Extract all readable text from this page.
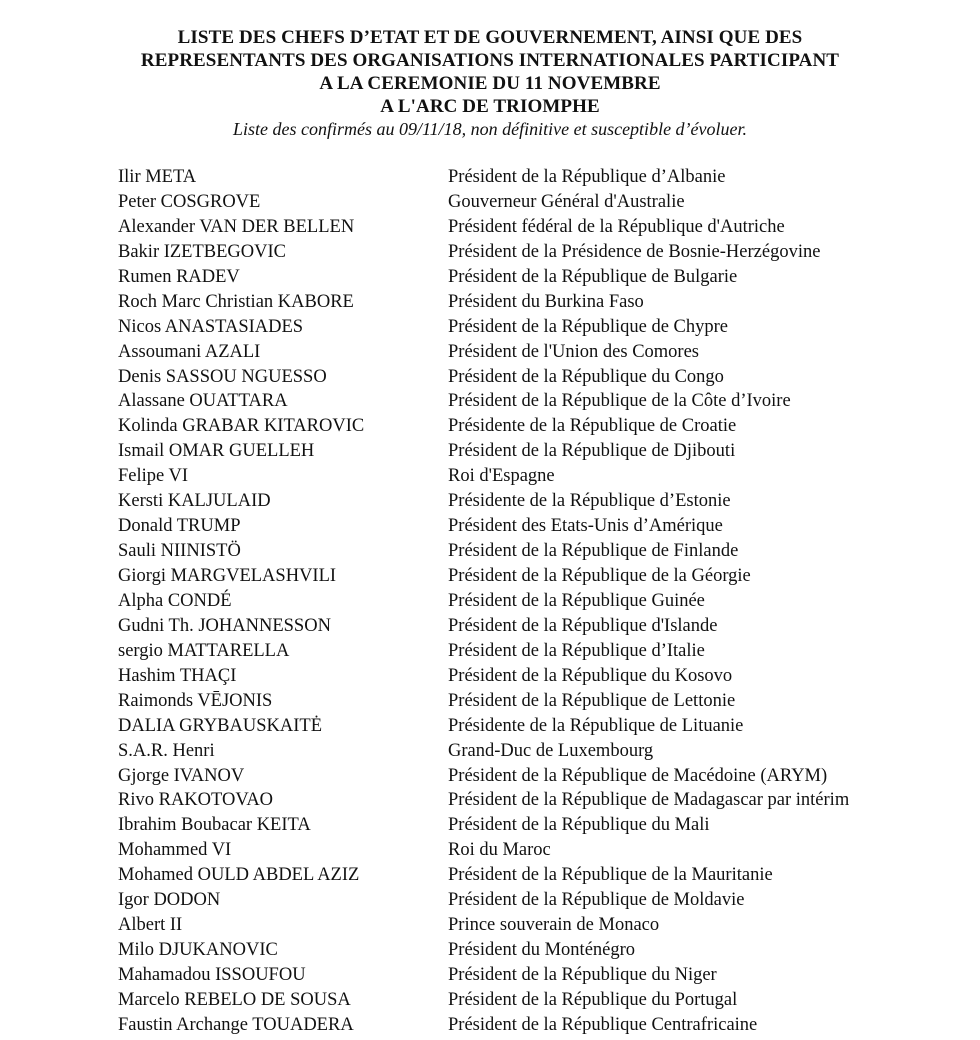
LISTE DES CHEFS D’ETAT ET DE GOUVERNEMENT, AINSI QUE DES
REPRESENTANTS DES ORGANISATIONS INTERNATIONALES PARTICIPANT
A LA CEREMONIE DU 11 NOVEMBRE
A L'ARC DE TRIOMPHE
Liste des confirmés au 09/11/18, non définitive et susceptible d’évoluer.
Ilir META	Président de la République d’Albanie
Peter COSGROVE	Gouverneur Général d'Australie
Alexander VAN DER BELLEN	Président fédéral de la République d'Autriche
Bakir IZETBEGOVIC	Président de la Présidence de Bosnie-Herzégovine
Rumen RADEV	Président de la République de Bulgarie
Roch Marc Christian KABORE	Président du Burkina Faso
Nicos ANASTASIADES	Président de la République de Chypre
Assoumani AZALI	Président de l'Union des Comores
Denis SASSOU NGUESSO	Président de la République du Congo
Alassane OUATTARA	Président de la République de la Côte d’Ivoire
Kolinda GRABAR KITAROVIC	Présidente de la République de Croatie
Ismail OMAR GUELLEH	Président de la République de Djibouti
Felipe VI	Roi d'Espagne
Kersti KALJULAID	Présidente de la République d’Estonie
Donald TRUMP	Président des Etats-Unis d’Amérique
Sauli NIINISTÖ	Président de la République de Finlande
Giorgi MARGVELASHVILI	Président de la République de la Géorgie
Alpha CONDÉ	Président de la République Guinée
Gudni Th. JOHANNESSON	Président de la République d'Islande
sergio MATTARELLA	Président de la République d’Italie
Hashim THAÇI	Président de la République du Kosovo
Raimonds VĒJONIS	Président de la République de Lettonie
DALIA GRYBAUSKAITĖ	Présidente de la République de Lituanie
S.A.R. Henri	Grand-Duc de Luxembourg
Gjorge IVANOV	Président de la République de Macédoine (ARYM)
Rivo RAKOTOVAO	Président de la République de Madagascar par intérim
Ibrahim Boubacar KEITA	Président de la République du Mali
Mohammed VI	Roi du Maroc
Mohamed OULD ABDEL AZIZ	Président de la République de la Mauritanie
Igor DODON	Président de la République de Moldavie
Albert II	Prince souverain de Monaco
Milo DJUKANOVIC	Président du Monténégro
Mahamadou ISSOUFOU	Président de la République du Niger
Marcelo REBELO DE SOUSA	Président de la République du Portugal
Faustin Archange TOUADERA	Président de la République Centrafricaine
